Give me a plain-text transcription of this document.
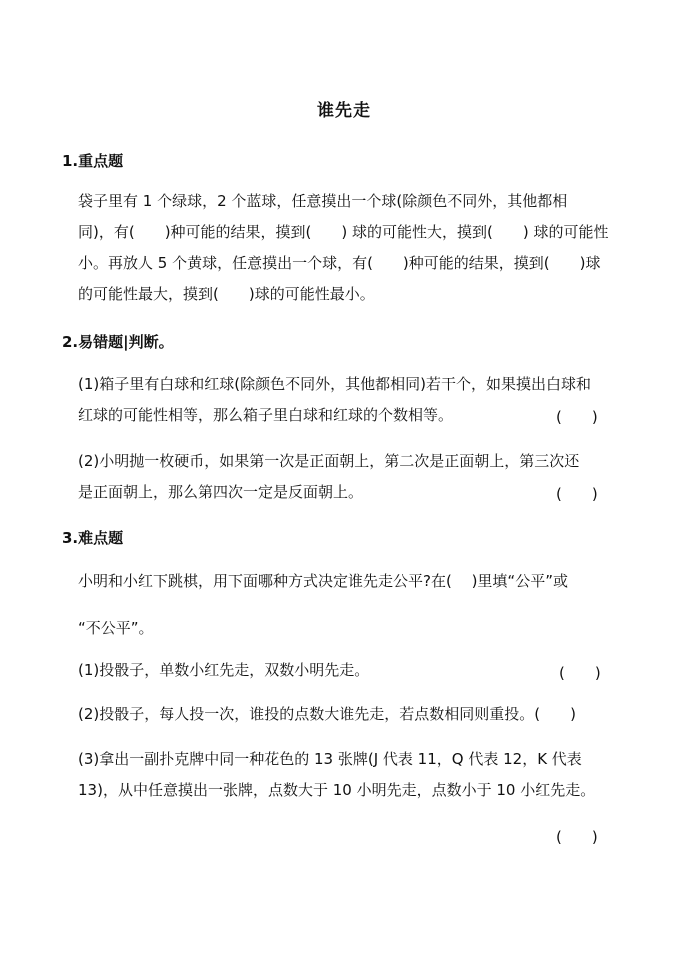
谁先走
1.重点题
袋子里有 1 个绿球，2 个蓝球，任意摸出一个球(除颜色不同外，其他都相
同)，有(　　)种可能的结果，摸到(　　) 球的可能性大，摸到(　　) 球的可能性
小。再放人 5 个黄球，任意摸出一个球，有(　　)种可能的结果，摸到(　　)球
的可能性最大，摸到(　　)球的可能性最小。
2.易错题|判断。
(1)箱子里有白球和红球(除颜色不同外，其他都相同)若干个，如果摸出白球和
红球的可能性相等，那么箱子里白球和红球的个数相等。	(　　)
(2)小明抛一枚硬币，如果第一次是正面朝上，第二次是正面朝上，第三次还
是正面朝上，那么第四次一定是反面朝上。	(　　)
3.难点题
小明和小红下跳棋，用下面哪种方式决定谁先走公平?在(　 )里填“公平”或
“不公平”。
(1)投骰子，单数小红先走，双数小明先走。	(　　)
(2)投骰子，每人投一次，谁投的点数大谁先走，若点数相同则重投。(　　)
(3)拿出一副扑克牌中同一种花色的 13 张牌(J 代表 11，Q 代表 12，K 代表
13)，从中任意摸出一张牌，点数大于 10 小明先走，点数小于 10 小红先走。
(　　)
